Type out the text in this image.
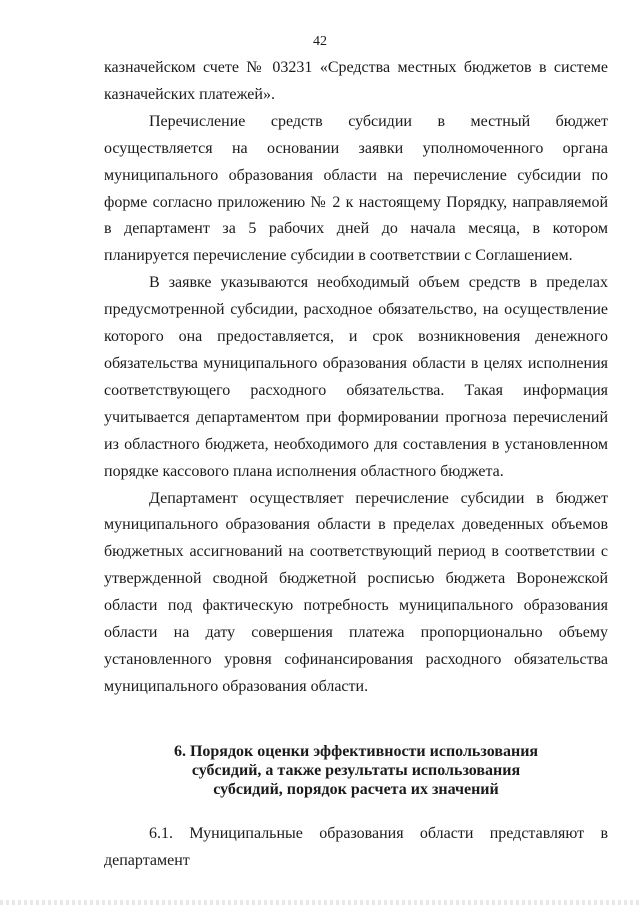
42

казначейском счете № 03231 «Средства местных бюджетов в системе казначейских платежей».

Перечисление средств субсидии в местный бюджет осуществляется на основании заявки уполномоченного органа муниципального образования области на перечисление субсидии по форме согласно приложению № 2 к настоящему Порядку, направляемой в департамент за 5 рабочих дней до начала месяца, в котором планируется перечисление субсидии в соответствии с Соглашением.

В заявке указываются необходимый объем средств в пределах предусмотренной субсидии, расходное обязательство, на осуществление которого она предоставляется, и срок возникновения денежного обязательства муниципального образования области в целях исполнения соответствующего расходного обязательства. Такая информация учитывается департаментом при формировании прогноза перечислений из областного бюджета, необходимого для составления в установленном порядке кассового плана исполнения областного бюджета.

Департамент осуществляет перечисление субсидии в бюджет муниципального образования области в пределах доведенных объемов бюджетных ассигнований на соответствующий период в соответствии с утвержденной сводной бюджетной росписью бюджета Воронежской области под фактическую потребность муниципального образования области на дату совершения платежа пропорционально объему установленного уровня софинансирования расходного обязательства муниципального образования области.

6. Порядок оценки эффективности использования
субсидий, а также результаты использования
субсидий, порядок расчета их значений

6.1. Муниципальные образования области представляют в департамент
